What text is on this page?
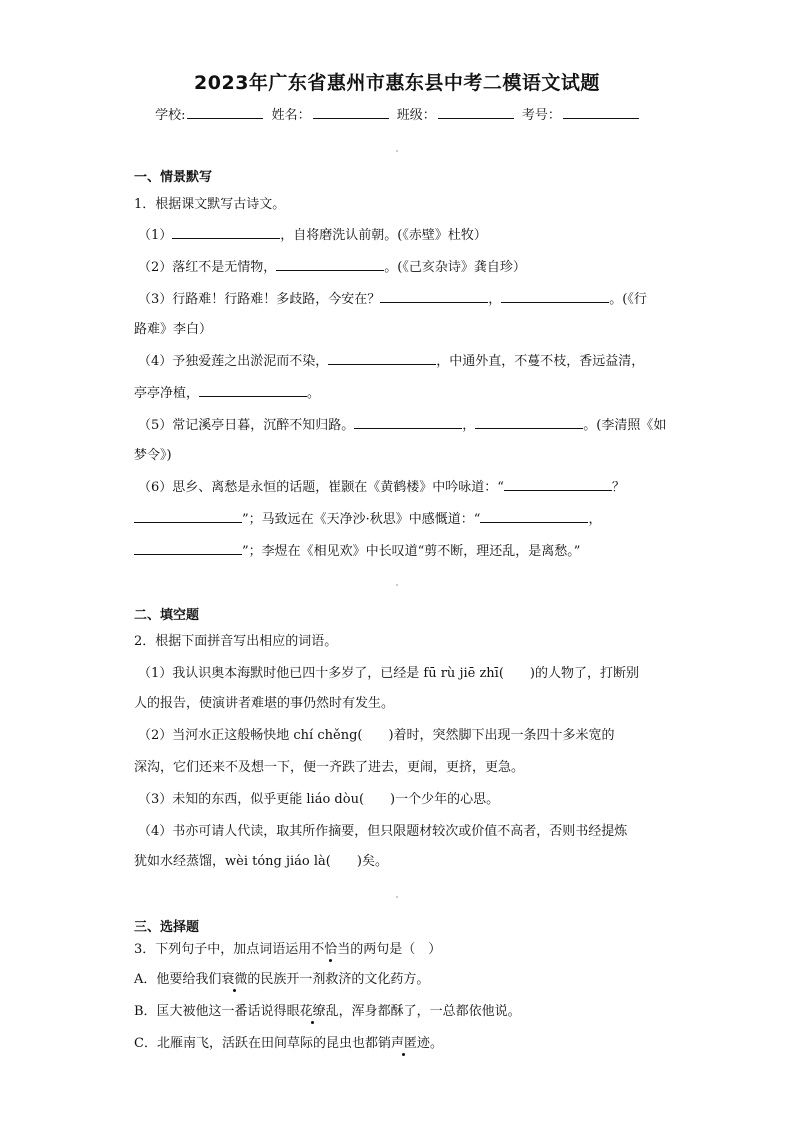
2023年广东省惠州市惠东县中考二模语文试题
学校:	姓名：	班级：	考号：
一、情景默写
1．根据课文默写古诗文。
（1）	，自将磨洗认前朝。(《赤壁》杜牧）
（2）落红不是无情物，	。(《己亥杂诗》龚自珍）
（3）行路难！行路难！多歧路，今安在？	，	。(《行
路难》李白）
（4）予独爱莲之出淤泥而不染，	，中通外直，不蔓不枝，香远益清，
亭亭净植，	。
（5）常记溪亭日暮，沉醉不知归路。	，	。(李清照《如
梦令》)
（6）思乡、离愁是永恒的话题，崔颢在《黄鹤楼》中吟咏道：“	？
”；马致远在《天净沙·秋思》中感慨道：“	，
”；李煜在《相见欢》中长叹道“剪不断，理还乱，是离愁。”
二、填空题
2．根据下面拼音写出相应的词语。
（1）我认识奥本海默时他已四十多岁了，已经是 fū rù jiē zhī(　　)的人物了，打断别
人的报告，使演讲者难堪的事仍然时有发生。
（2）当河水正这般畅快地 chí chěng(　　)着时，突然脚下出现一条四十多米宽的
深沟，它们还来不及想一下，便一齐跌了进去，更闹，更挤，更急。
（3）未知的东西，似乎更能 liáo dòu(　　)一个少年的心思。
（4）书亦可请人代读，取其所作摘要，但只限题材较次或价值不高者，否则书经提炼
犹如水经蒸馏，wèi tóng jiáo là(　　)矣。
三、选择题
3．下列句子中，加点词语运用不恰当的两句是（　）
A．他要给我们衰微的民族开一剂救济的文化药方。
B．匡大被他这一番话说得眼花缭乱，浑身都酥了，一总都依他说。
C．北雁南飞，活跃在田间草际的昆虫也都销声匿迹。
